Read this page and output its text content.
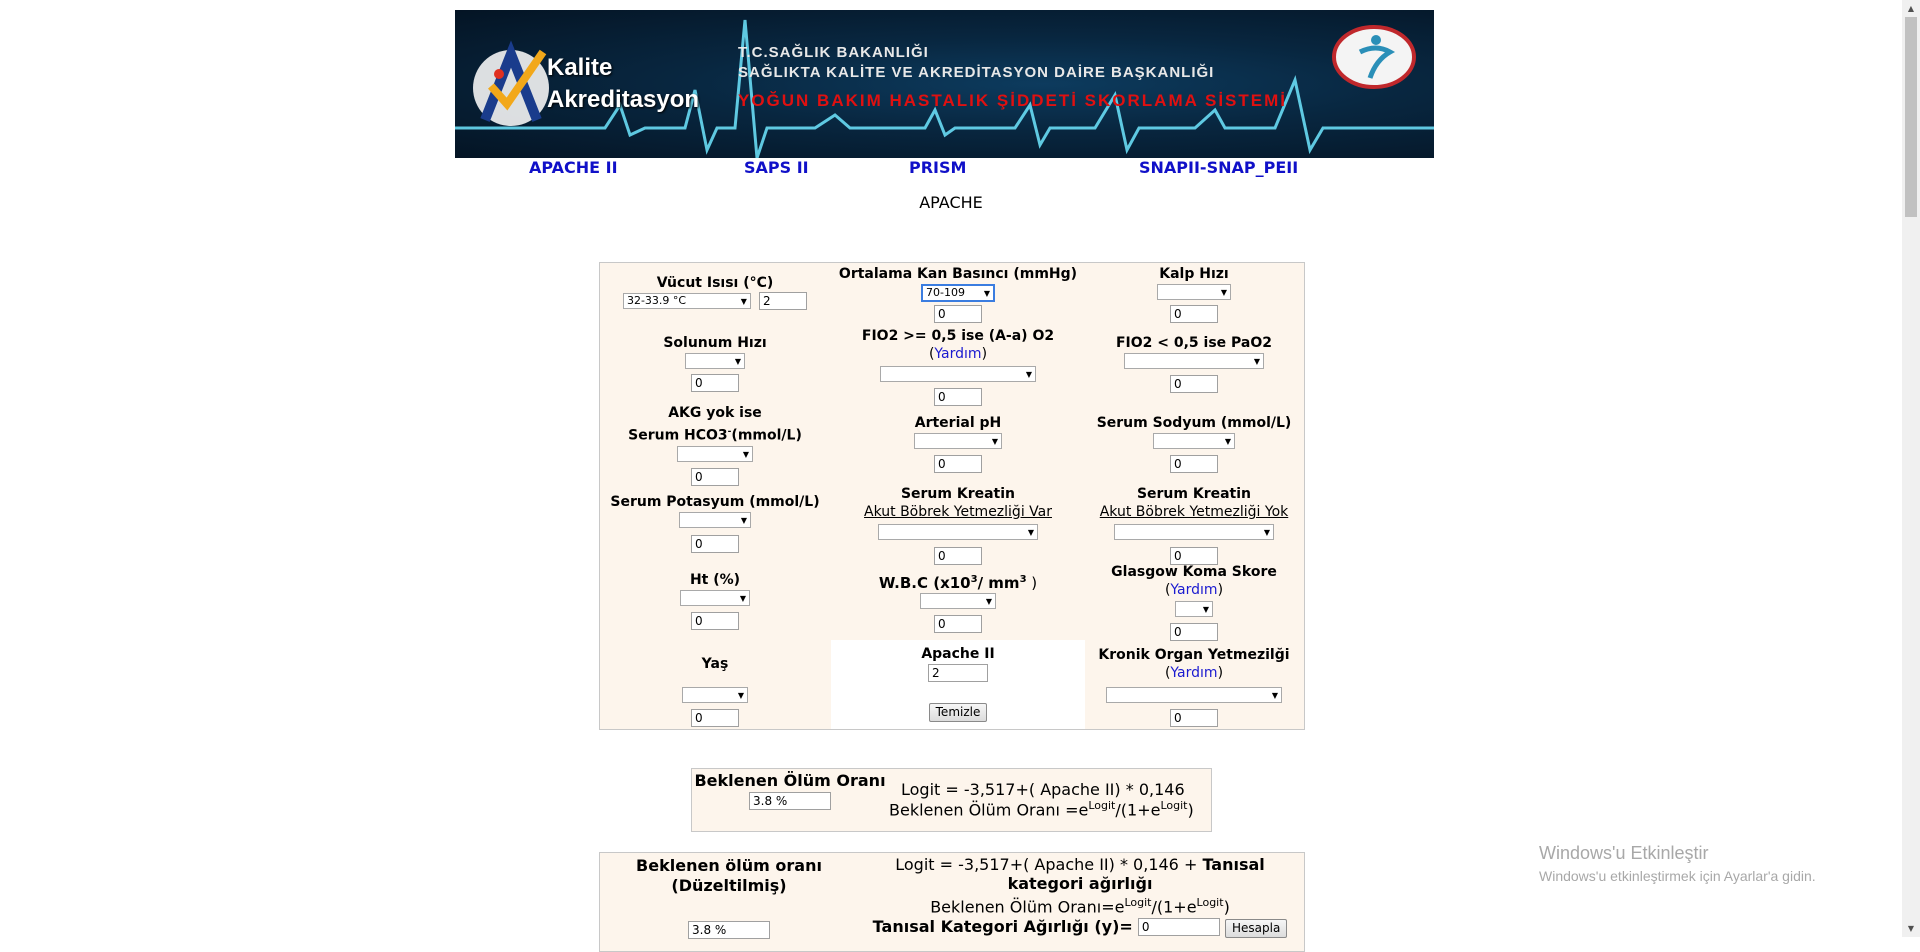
Kalite
Akreditasyon
T.C.SAĞLIK BAKANLIĞI
SAĞLIKTA KALİTE VE AKREDİTASYON DAİRE BAŞKANLIĞI
YOĞUN BAKIM HASTALIK ŞİDDETİ SKORLAMA SİSTEMİ
APACHE II	SAPS II	PRISM	SNAPII-SNAP_PEII
APACHE
Vücut Isısı (°C)
32-33.9 °C ▼	2
Ortalama Kan Basıncı (mmHg)
70-109 ▼
0
Kalp Hızı
▼
0
Solunum Hızı
▼
0
FIO2 >= 0,5 ise (A-a) O2
(Yardım)
▼
0
FIO2 < 0,5 ise PaO2
▼
0
AKG yok ise
Serum HCO3-(mmol/L)
▼
0
Arterial pH
▼
0
Serum Sodyum (mmol/L)
▼
0
Serum Potasyum (mmol/L)
▼
0
Serum Kreatin
Akut Böbrek Yetmezliği Var
▼
0
Serum Kreatin
Akut Böbrek Yetmezliği Yok
▼
0
Ht (%)
▼
0
W.B.C ($x10^3/$ $mm^3$ )
▼
0
Glasgow Koma Skore
(Yardım)
▼
0
Yaş
▼
0
Apache II
2
Temizle
Kronik Organ Yetmezilği
(Yardım)
▼
0
Beklenen Ölüm Oranı
3.8 %
Logit = -3,517+( Apache II) * 0,146
Beklenen Ölüm Oranı $=e^{Logit}/(1+e^{Logit})$
Beklenen ölüm oranı
(Düzeltilmiş)
3.8 %
Logit = -3,517+( Apache II) * 0,146 + Tanısal
kategori ağırlığı
Beklenen Ölüm $Oranı=e^{Logit}/(1+e^{Logit})$
Tanısal Kategori Ağırlığı (y)= 0	Hesapla
Windows'u Etkinleştir
Windows'u etkinleştirmek için Ayarlar'a gidin.
▲
▼
